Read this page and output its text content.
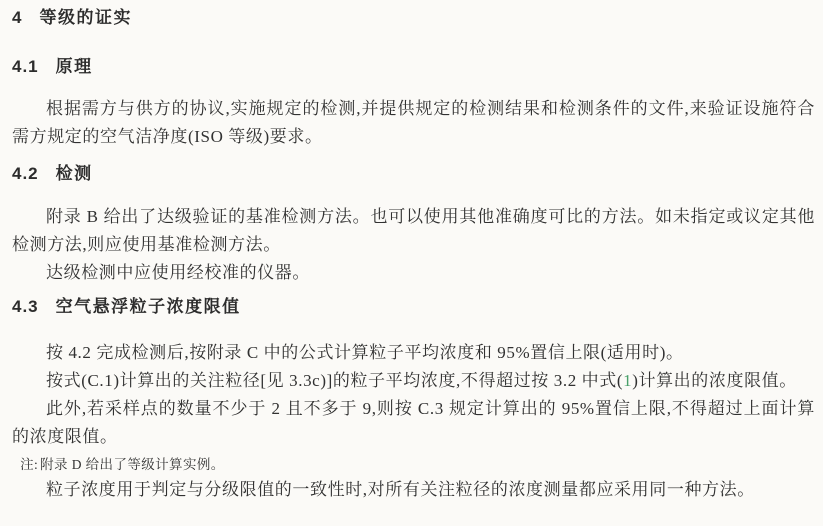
4 等级的证实
4.1 原理

根据需方与供方的协议,实施规定的检测,并提供规定的检测结果和检测条件的文件,来验证设施符合需方规定的空气洁净度(ISO 等级)要求。

4.2 检测

附录 B 给出了达级验证的基准检测方法。也可以使用其他准确度可比的方法。如未指定或议定其他检测方法,则应使用基准检测方法。

达级检测中应使用经校准的仪器。

4.3 空气悬浮粒子浓度限值

按 4.2 完成检测后,按附录 C 中的公式计算粒子平均浓度和 95%置信上限(适用时)。

按式(C.1)计算出的关注粒径[见 3.3c)]的粒子平均浓度,不得超过按 3.2 中式(1)计算出的浓度限值。

此外,若采样点的数量不少于 2 且不多于 9,则按 C.3 规定计算出的 95%置信上限,不得超过上面计算的浓度限值。

注: 附录 D 给出了等级计算实例。

粒子浓度用于判定与分级限值的一致性时,对所有关注粒径的浓度测量都应采用同一种方法。
